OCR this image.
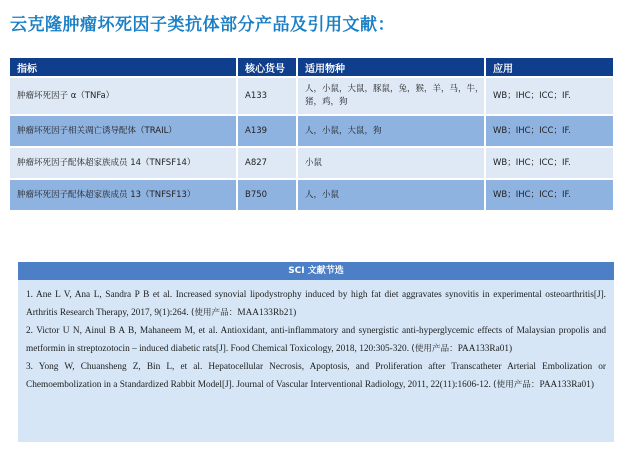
云克隆肿瘤坏死因子类抗体部分产品及引用文献：
指标	核心货号	适用物种	应用
肿瘤坏死因子 α（TNFa）	A133	人，小鼠，大鼠，豚鼠，兔，猴，羊，马，牛，猪，鸡，狗	WB；IHC；ICC；IF.
肿瘤坏死因子相关凋亡诱导配体（TRAIL）	A139	人，小鼠，大鼠，狗	WB；IHC；ICC；IF.
肿瘤坏死因子配体超家族成员 14（TNFSF14）	A827	小鼠	WB；IHC；ICC；IF.
肿瘤坏死因子配体超家族成员 13（TNFSF13）	B750	人，小鼠	WB；IHC；ICC；IF.
SCI 文献节选

1. Ane L V, Ana L, Sandra P B et al. Increased synovial lipodystrophy induced by high fat diet aggravates synovitis in experimental osteoarthritis[J]. Arthritis Research Therapy, 2017, 9(1):264. (使用产品：MAA133Rb21)

2. Victor U N, Ainul B A B, Mahaneem M, et al. Antioxidant, anti-inflammatory and synergistic anti-hyperglycemic effects of Malaysian propolis and metformin in streptozotocin – induced diabetic rats[J]. Food Chemical Toxicology, 2018, 120:305-320. (使用产品：PAA133Ra01)

3. Yong W, Chuansheng Z, Bin L, et al. Hepatocellular Necrosis, Apoptosis, and Proliferation after Transcatheter Arterial Embolization or Chemoembolization in a Standardized Rabbit Model[J]. Journal of Vascular Interventional Radiology, 2011, 22(11):1606-12. (使用产品：PAA133Ra01)
